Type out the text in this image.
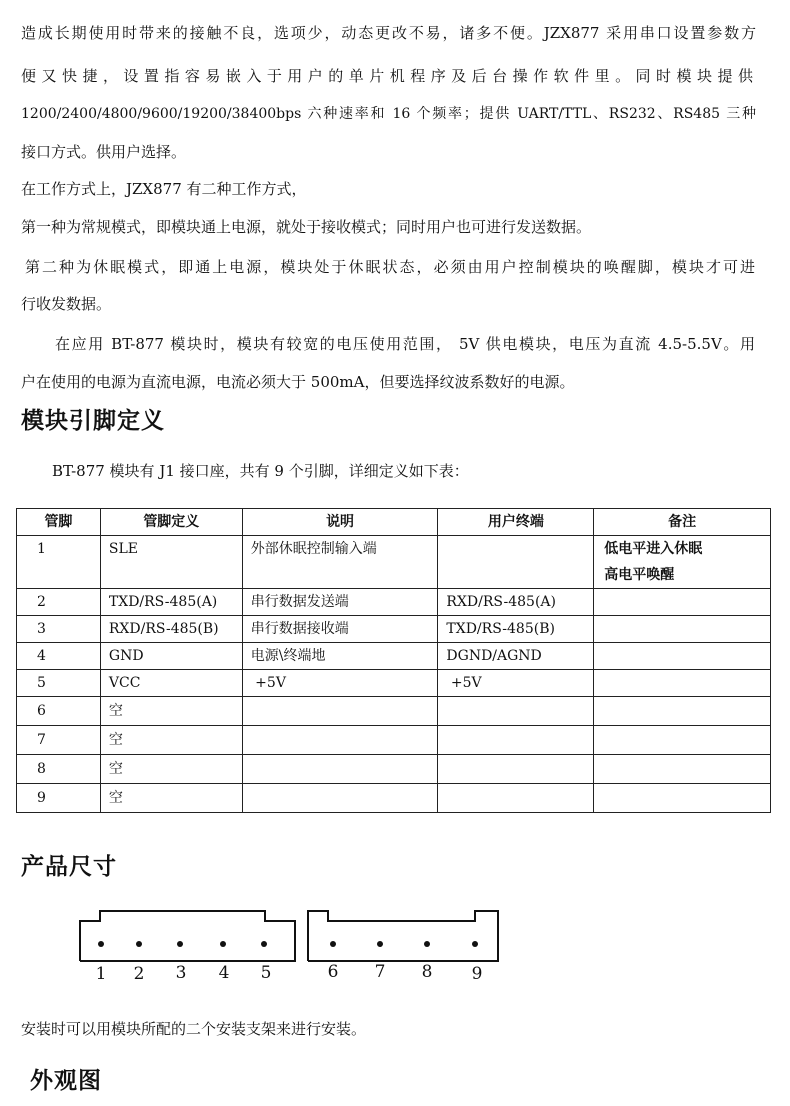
造成长期使用时带来的接触不良，选项少，动态更改不易，诸多不便。JZX877 采用串口设置参数方

便又快捷，设置指容易嵌入于用户的单片机程序及后台操作软件里。同时模块提供

1200/2400/4800/9600/19200/38400bps 六种速率和 16 个频率；提供 UART/TTL、RS232、RS485 三种

接口方式。供用户选择。

在工作方式上，JZX877 有二种工作方式，

第一种为常规模式，即模块通上电源，就处于接收模式；同时用户也可进行发送数据。

第二种为休眠模式，即通上电源，模块处于休眠状态，必须由用户控制模块的唤醒脚，模块才可进

行收发数据。

在应用 BT-877 模块时，模块有较宽的电压使用范围， 5V 供电模块，电压为直流 4.5-5.5V。用

户在使用的电源为直流电源，电流必须大于 500mA，但要选择纹波系数好的电源。

模块引脚定义

BT-877 模块有 J1 接口座，共有 9 个引脚，详细定义如下表：

管脚	管脚定义	说明	用户终端	备注
1	SLE	外部休眠控制输入端		低电平进入休眠
高电平唤醒

2	TXD/RS-485(A)	串行数据发送端	RXD/RS-485(A)	
3	RXD/RS-485(B)	串行数据接收端	TXD/RS-485(B)	
4	GND	电源\终端地	DGND/AGND	
5	VCC	+5V	+5V	
6	空			
7	空			
8	空			
9	空			
产品尺寸
1 2 3 4 5	6 7 8 9

安装时可以用模块所配的二个安装支架来进行安装。

外观图
